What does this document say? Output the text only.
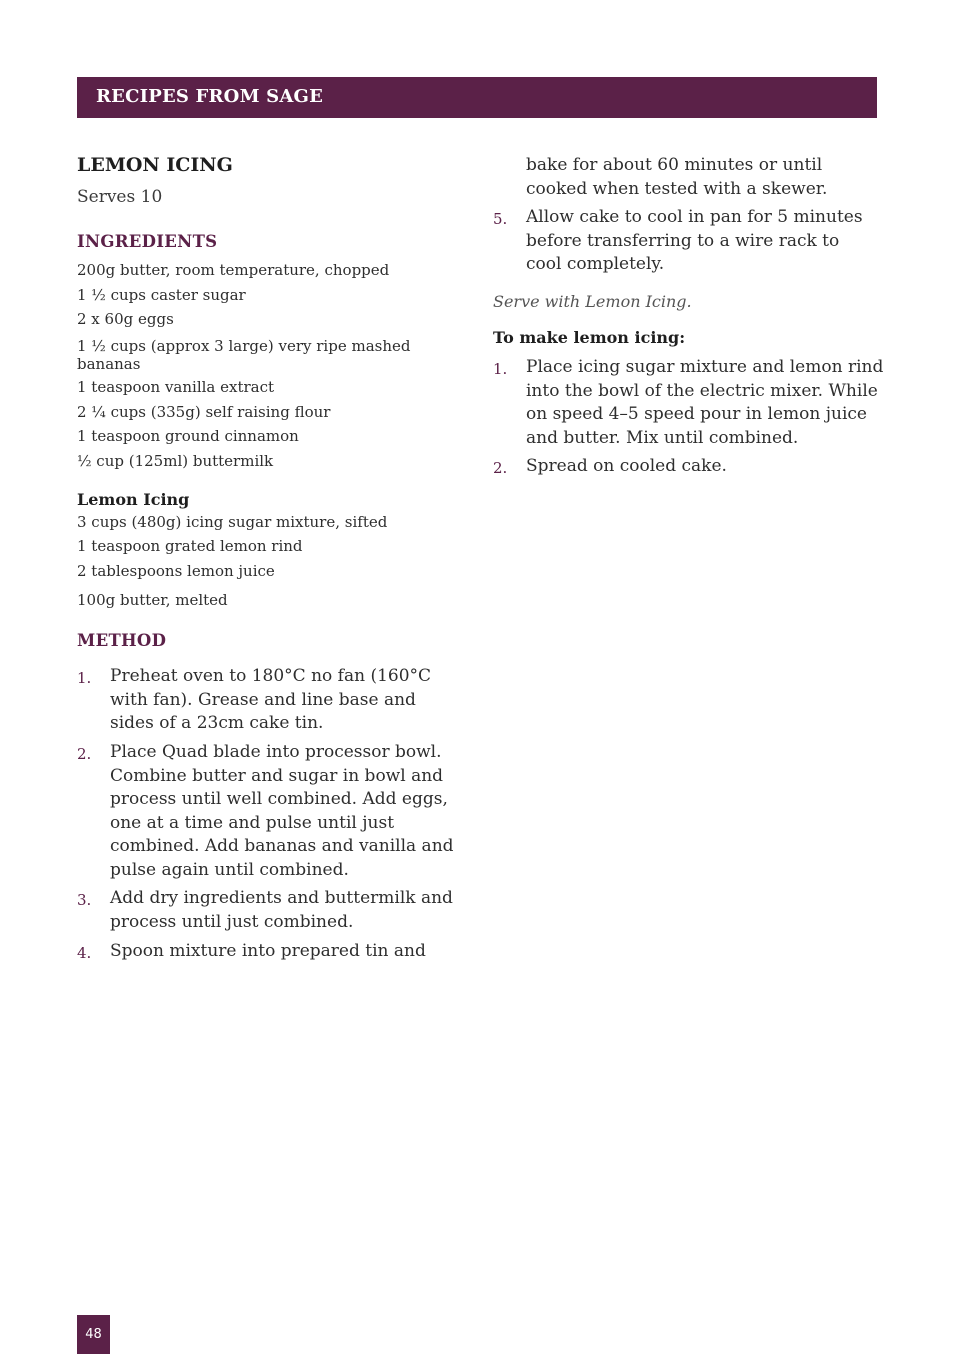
RECIPES FROM SAGE
LEMON ICING
Serves 10
INGREDIENTS
200g butter, room temperature, chopped
1 ½ cups caster sugar
2 x 60g eggs
1 ½ cups (approx 3 large) very ripe mashed bananas
1 teaspoon vanilla extract
2 ¼ cups (335g) self raising flour
1 teaspoon ground cinnamon
½ cup (125ml) buttermilk
Lemon Icing
3 cups (480g) icing sugar mixture, sifted
1 teaspoon grated lemon rind
2 tablespoons lemon juice
100g butter, melted
METHOD
1. Preheat oven to 180°C no fan (160°C with fan). Grease and line base and sides of a 23cm cake tin.
2. Place Quad blade into processor bowl. Combine butter and sugar in bowl and process until well combined. Add eggs, one at a time and pulse until just combined. Add bananas and vanilla and pulse again until combined.
3. Add dry ingredients and buttermilk and process until just combined.
4. Spoon mixture into prepared tin and
bake for about 60 minutes or until cooked when tested with a skewer.
5. Allow cake to cool in pan for 5 minutes before transferring to a wire rack to cool completely.
Serve with Lemon Icing.
To make lemon icing:
1. Place icing sugar mixture and lemon rind into the bowl of the electric mixer. While on speed 4–5 speed pour in lemon juice and butter. Mix until combined.
2. Spread on cooled cake.
48
